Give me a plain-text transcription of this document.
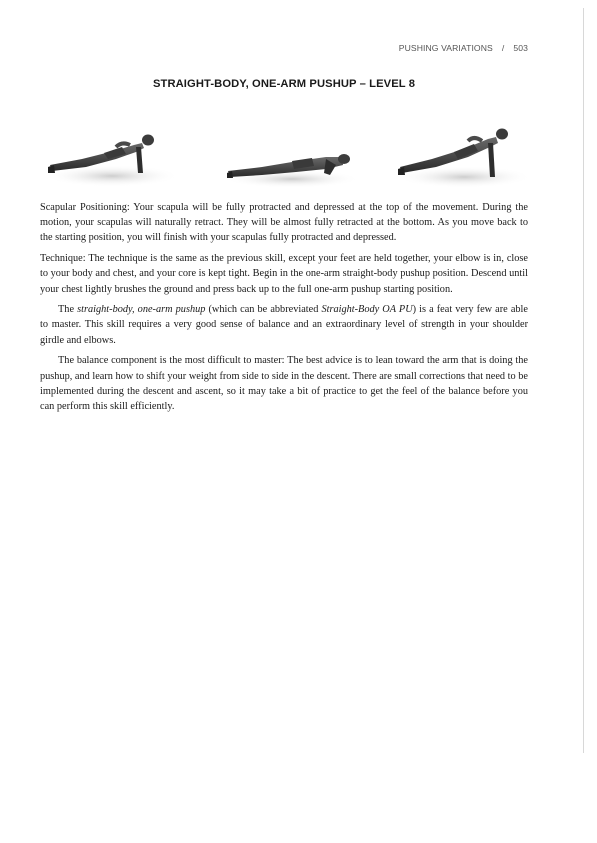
PUSHING VARIATIONS / 503
STRAIGHT-BODY, ONE-ARM PUSHUP – LEVEL 8

Scapular Positioning: Your scapula will be fully protracted and depressed at the top of the movement. During the motion, your scapulas will naturally retract. They will be almost fully retracted at the bottom. As you move back to the starting position, you will finish with your scapulas fully protracted and depressed.

Technique: The technique is the same as the previous skill, except your feet are held together, your elbow is in, close to your body and chest, and your core is kept tight. Begin in the one-arm straight-body pushup position. Descend until your chest lightly brushes the ground and press back up to the full one-arm pushup starting position.

The straight-body, one-arm pushup (which can be abbreviated Straight-Body OA PU) is a feat very few are able to master. This skill requires a very good sense of balance and an extraordinary level of strength in your shoulder girdle and elbows.

The balance component is the most difficult to master: The best advice is to lean toward the arm that is doing the pushup, and learn how to shift your weight from side to side in the descent. There are small corrections that need to be implemented during the descent and ascent, so it may take a bit of practice to get the feel of the balance before you can perform this skill efficiently.
